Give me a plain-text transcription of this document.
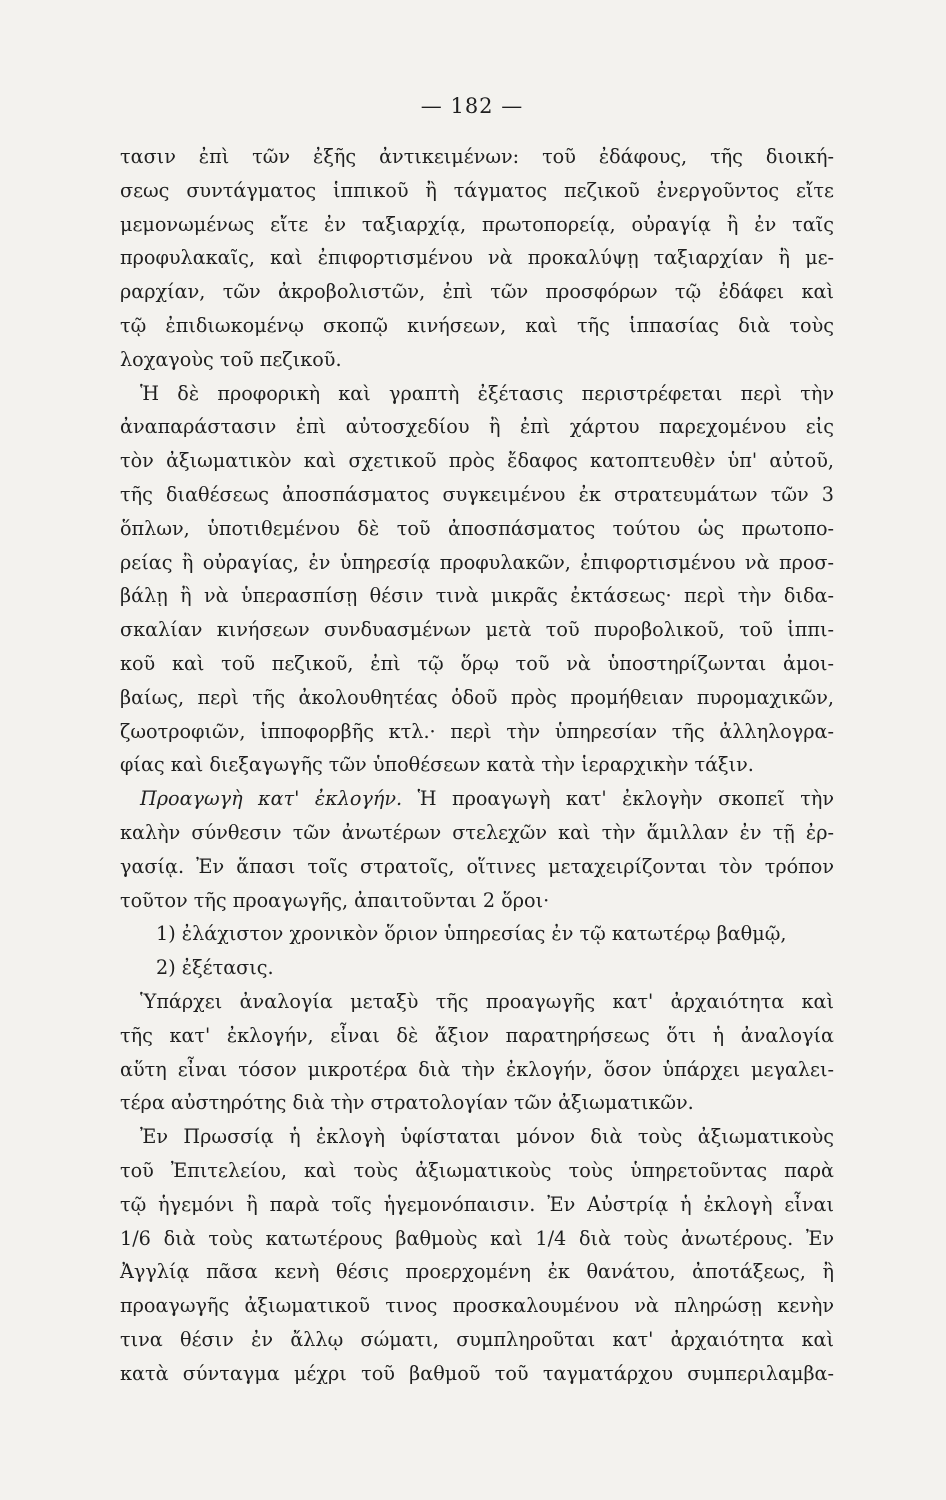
— 182 —
τασιν ἐπὶ τῶν ἐξῆς ἀντικειμένων: τοῦ ἐδάφους, τῆς διοική-
σεως συντάγματος ἱππικοῦ ἢ τάγματος πεζικοῦ ἐνεργοῦντος εἴτε
μεμονωμένως εἴτε ἐν ταξιαρχίᾳ, πρωτοπορείᾳ, οὐραγίᾳ ἢ ἐν ταῖς
προφυλακαῖς, καὶ ἐπιφορτισμένου νὰ προκαλύψῃ ταξιαρχίαν ἢ με-
ραρχίαν, τῶν ἀκροβολιστῶν, ἐπὶ τῶν προσφόρων τῷ ἐδάφει καὶ
τῷ ἐπιδιωκομένῳ σκοπῷ κινήσεων, καὶ τῆς ἱππασίας διὰ τοὺς
λοχαγοὺς τοῦ πεζικοῦ.
Ἡ δὲ προφορικὴ καὶ γραπτὴ ἐξέτασις περιστρέφεται περὶ τὴν
ἀναπαράστασιν ἐπὶ αὐτοσχεδίου ἢ ἐπὶ χάρτου παρεχομένου εἰς
τὸν ἀξιωματικὸν καὶ σχετικοῦ πρὸς ἔδαφος κατοπτευθὲν ὑπ' αὐτοῦ,
τῆς διαθέσεως ἀποσπάσματος συγκειμένου ἐκ στρατευμάτων τῶν 3
ὅπλων, ὑποτιθεμένου δὲ τοῦ ἀποσπάσματος τούτου ὡς πρωτοπο-
ρείας ἢ οὐραγίας, ἐν ὑπηρεσίᾳ προφυλακῶν, ἐπιφορτισμένου νὰ προσ-
βάλῃ ἢ νὰ ὑπερασπίσῃ θέσιν τινὰ μικρᾶς ἐκτάσεως· περὶ τὴν διδα-
σκαλίαν κινήσεων συνδυασμένων μετὰ τοῦ πυροβολικοῦ, τοῦ ἱππι-
κοῦ καὶ τοῦ πεζικοῦ, ἐπὶ τῷ ὅρῳ τοῦ νὰ ὑποστηρίζωνται ἀμοι-
βαίως, περὶ τῆς ἀκολουθητέας ὁδοῦ πρὸς προμήθειαν πυρομαχικῶν,
ζωοτροφιῶν, ἱπποφορβῆς κτλ.· περὶ τὴν ὑπηρεσίαν τῆς ἀλληλογρα-
φίας καὶ διεξαγωγῆς τῶν ὑποθέσεων κατὰ τὴν ἱεραρχικὴν τάξιν.
Προαγωγὴ κατ' ἐκλογήν. Ἡ προαγωγὴ κατ' ἐκλογὴν σκοπεῖ τὴν
καλὴν σύνθεσιν τῶν ἀνωτέρων στελεχῶν καὶ τὴν ἅμιλλαν ἐν τῇ ἐρ-
γασίᾳ. Ἐν ἅπασι τοῖς στρατοῖς, οἵτινες μεταχειρίζονται τὸν τρόπον
τοῦτον τῆς προαγωγῆς, ἀπαιτοῦνται 2 ὅροι·
1) ἐλάχιστον χρονικὸν ὅριον ὑπηρεσίας ἐν τῷ κατωτέρῳ βαθμῷ,
2) ἐξέτασις.
Ὑπάρχει ἀναλογία μεταξὺ τῆς προαγωγῆς κατ' ἀρχαιότητα καὶ
τῆς κατ' ἐκλογήν, εἶναι δὲ ἄξιον παρατηρήσεως ὅτι ἡ ἀναλογία
αὕτη εἶναι τόσον μικροτέρα διὰ τὴν ἐκλογήν, ὅσον ὑπάρχει μεγαλει-
τέρα αὐστηρότης διὰ τὴν στρατολογίαν τῶν ἀξιωματικῶν.
Ἐν Πρωσσίᾳ ἡ ἐκλογὴ ὑφίσταται μόνον διὰ τοὺς ἀξιωματικοὺς
τοῦ Ἐπιτελείου, καὶ τοὺς ἀξιωματικοὺς τοὺς ὑπηρετοῦντας παρὰ
τῷ ἡγεμόνι ἢ παρὰ τοῖς ἡγεμονόπαισιν. Ἐν Αὐστρίᾳ ἡ ἐκλογὴ εἶναι
1/6 διὰ τοὺς κατωτέρους βαθμοὺς καὶ 1/4 διὰ τοὺς ἀνωτέρους. Ἐν
Ἀγγλίᾳ πᾶσα κενὴ θέσις προερχομένη ἐκ θανάτου, ἀποτάξεως, ἢ
προαγωγῆς ἀξιωματικοῦ τινος προσκαλουμένου νὰ πληρώσῃ κενὴν
τινα θέσιν ἐν ἄλλῳ σώματι, συμπληροῦται κατ' ἀρχαιότητα καὶ
κατὰ σύνταγμα μέχρι τοῦ βαθμοῦ τοῦ ταγματάρχου συμπεριλαμβα-
